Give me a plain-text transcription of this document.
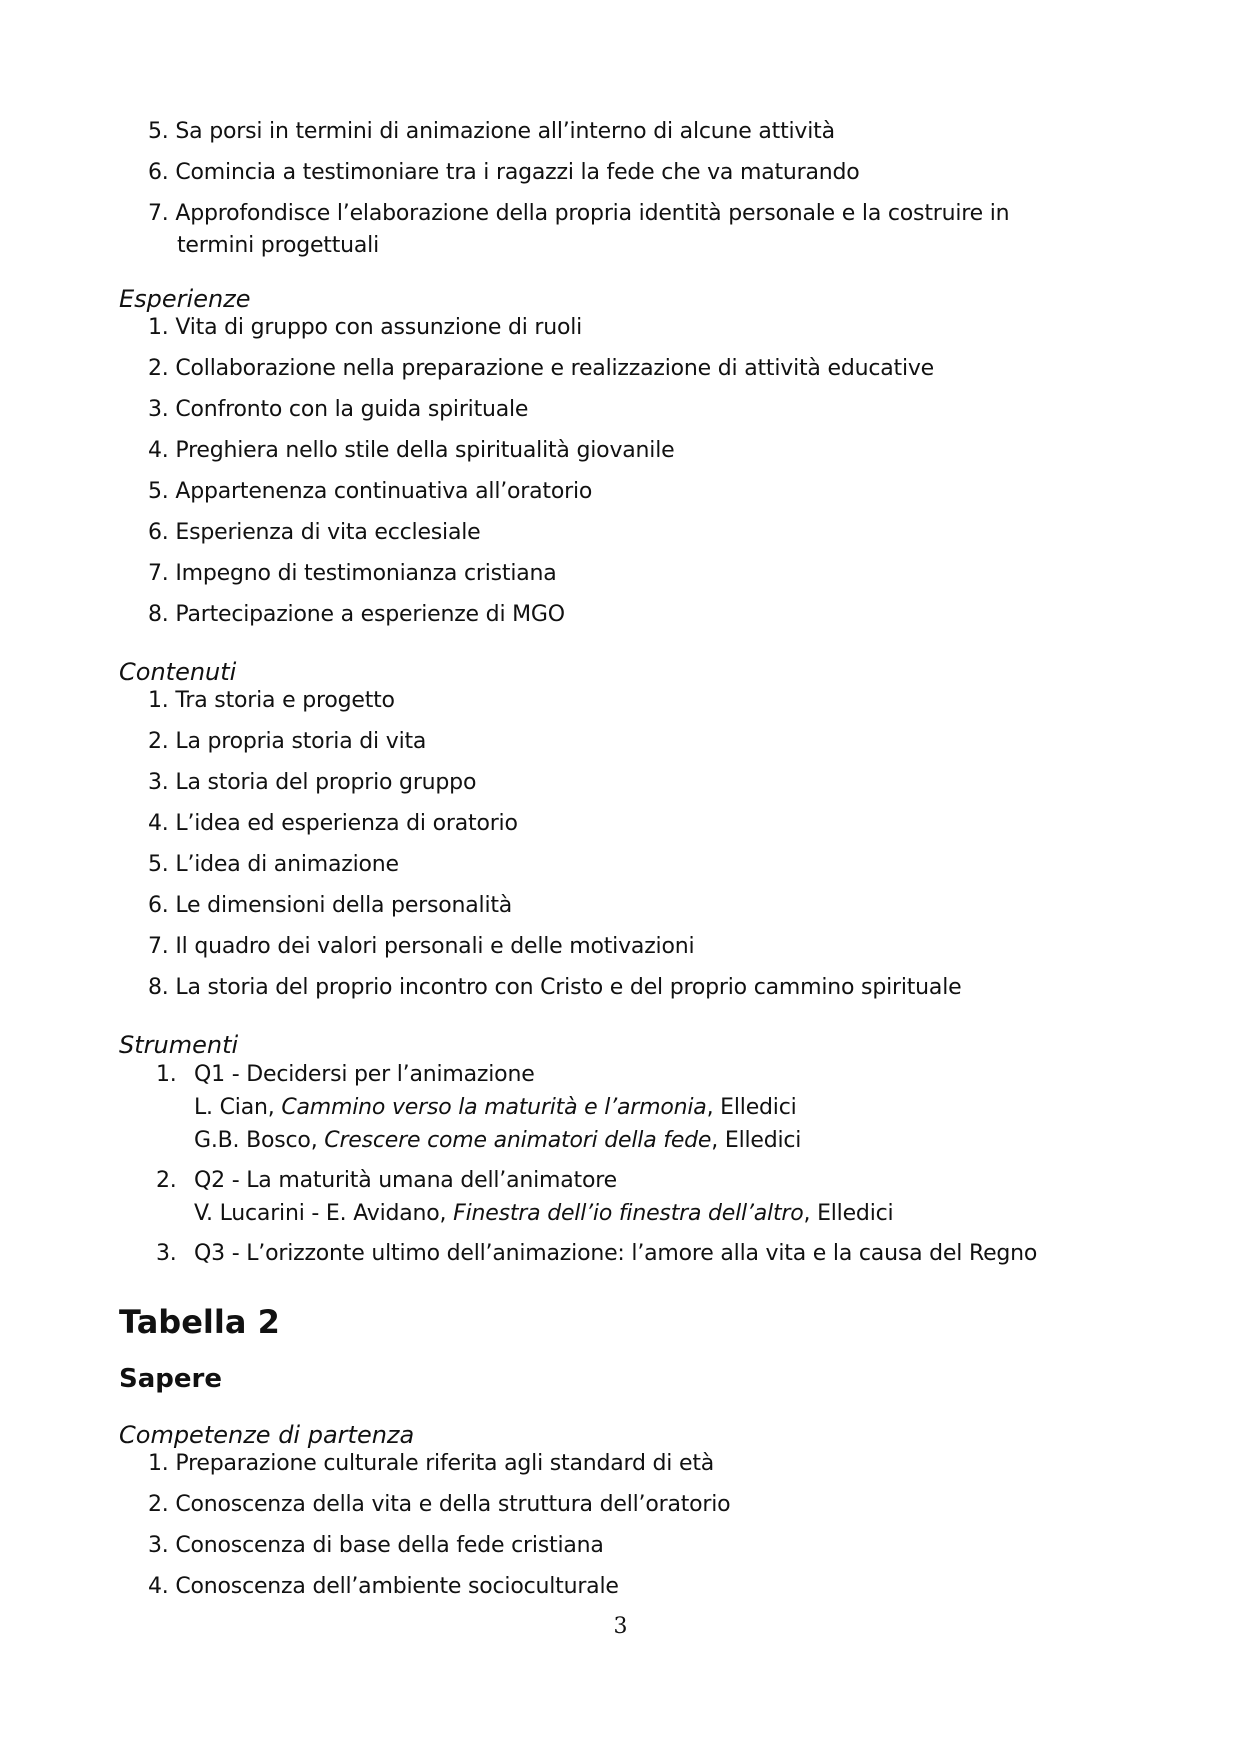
5. Sa porsi in termini di animazione all’interno di alcune attività
6. Comincia a testimoniare tra i ragazzi la fede che va maturando
7. Approfondisce l’elaborazione della propria identità personale e la costruire in
termini progettuali
Esperienze
1. Vita di gruppo con assunzione di ruoli
2. Collaborazione nella preparazione e realizzazione di attività educative
3. Confronto con la guida spirituale
4. Preghiera nello stile della spiritualità giovanile
5. Appartenenza continuativa all’oratorio
6. Esperienza di vita ecclesiale
7. Impegno di testimonianza cristiana
8. Partecipazione a esperienze di MGO
Contenuti
1. Tra storia e progetto
2. La propria storia di vita
3. La storia del proprio gruppo
4. L’idea ed esperienza di oratorio
5. L’idea di animazione
6. Le dimensioni della personalità
7. Il quadro dei valori personali e delle motivazioni
8. La storia del proprio incontro con Cristo e del proprio cammino spirituale
Strumenti
1. Q1 - Decidersi per l’animazione
L. Cian, Cammino verso la maturità e l’armonia, Elledici
G.B. Bosco, Crescere come animatori della fede, Elledici
2. Q2 - La maturità umana dell’animatore
V. Lucarini - E. Avidano, Finestra dell’io finestra dell’altro, Elledici
3. Q3 - L’orizzonte ultimo dell’animazione: l’amore alla vita e la causa del Regno
Tabella 2
Sapere
Competenze di partenza
1. Preparazione culturale riferita agli standard di età
2. Conoscenza della vita e della struttura dell’oratorio
3. Conoscenza di base della fede cristiana
4. Conoscenza dell’ambiente socioculturale
3
